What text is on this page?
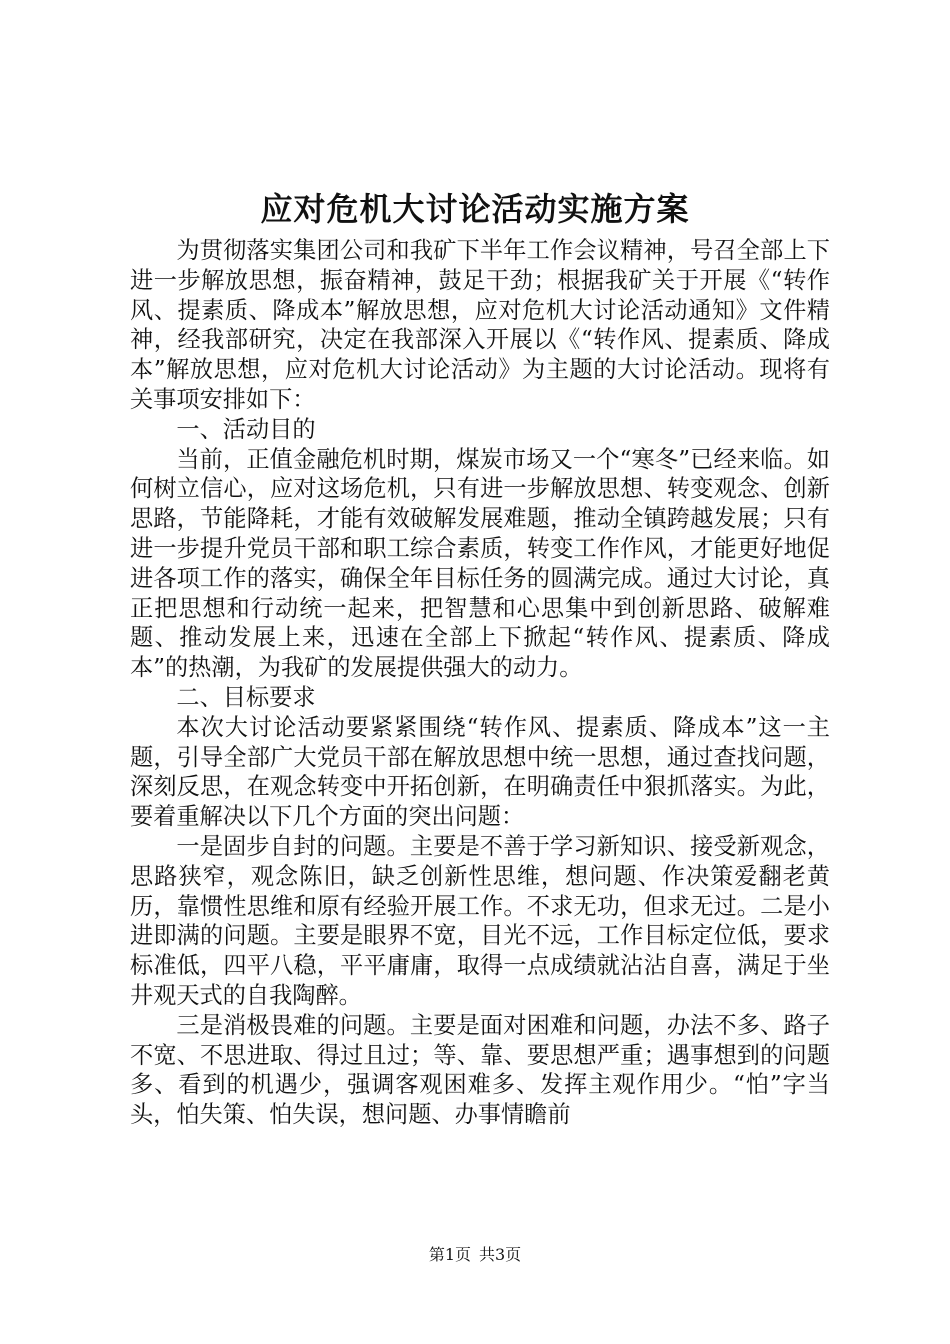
应对危机大讨论活动实施方案

为贯彻落实集团公司和我矿下半年工作会议精神，号召全部上下进一步解放思想，振奋精神，鼓足干劲；根据我矿关于开展《“转作风、提素质、降成本”解放思想，应对危机大讨论活动通知》文件精神，经我部研究，决定在我部深入开展以《“转作风、提素质、降成本”解放思想，应对危机大讨论活动》为主题的大讨论活动。现将有关事项安排如下：

一、活动目的

当前，正值金融危机时期，煤炭市场又一个“寒冬”已经来临。如何树立信心，应对这场危机，只有进一步解放思想、转变观念、创新思路，节能降耗，才能有效破解发展难题，推动全镇跨越发展；只有进一步提升党员干部和职工综合素质，转变工作作风，才能更好地促进各项工作的落实，确保全年目标任务的圆满完成。通过大讨论，真正把思想和行动统一起来，把智慧和心思集中到创新思路、破解难题、推动发展上来，迅速在全部上下掀起“转作风、提素质、降成本”的热潮，为我矿的发展提供强大的动力。

二、目标要求

本次大讨论活动要紧紧围绕“转作风、提素质、降成本”这一主题，引导全部广大党员干部在解放思想中统一思想，通过查找问题，深刻反思，在观念转变中开拓创新，在明确责任中狠抓落实。为此，要着重解决以下几个方面的突出问题：

一是固步自封的问题。主要是不善于学习新知识、接受新观念，思路狭窄，观念陈旧，缺乏创新性思维，想问题、作决策爱翻老黄历，靠惯性思维和原有经验开展工作。不求无功，但求无过。二是小进即满的问题。主要是眼界不宽，目光不远，工作目标定位低，要求标准低，四平八稳，平平庸庸，取得一点成绩就沾沾自喜，满足于坐井观天式的自我陶醉。

三是消极畏难的问题。主要是面对困难和问题，办法不多、路子不宽、不思进取、得过且过；等、靠、要思想严重；遇事想到的问题多、看到的机遇少，强调客观困难多、发挥主观作用少。“怕”字当头，怕失策、怕失误，想问题、办事情瞻前

第1页 共3页
